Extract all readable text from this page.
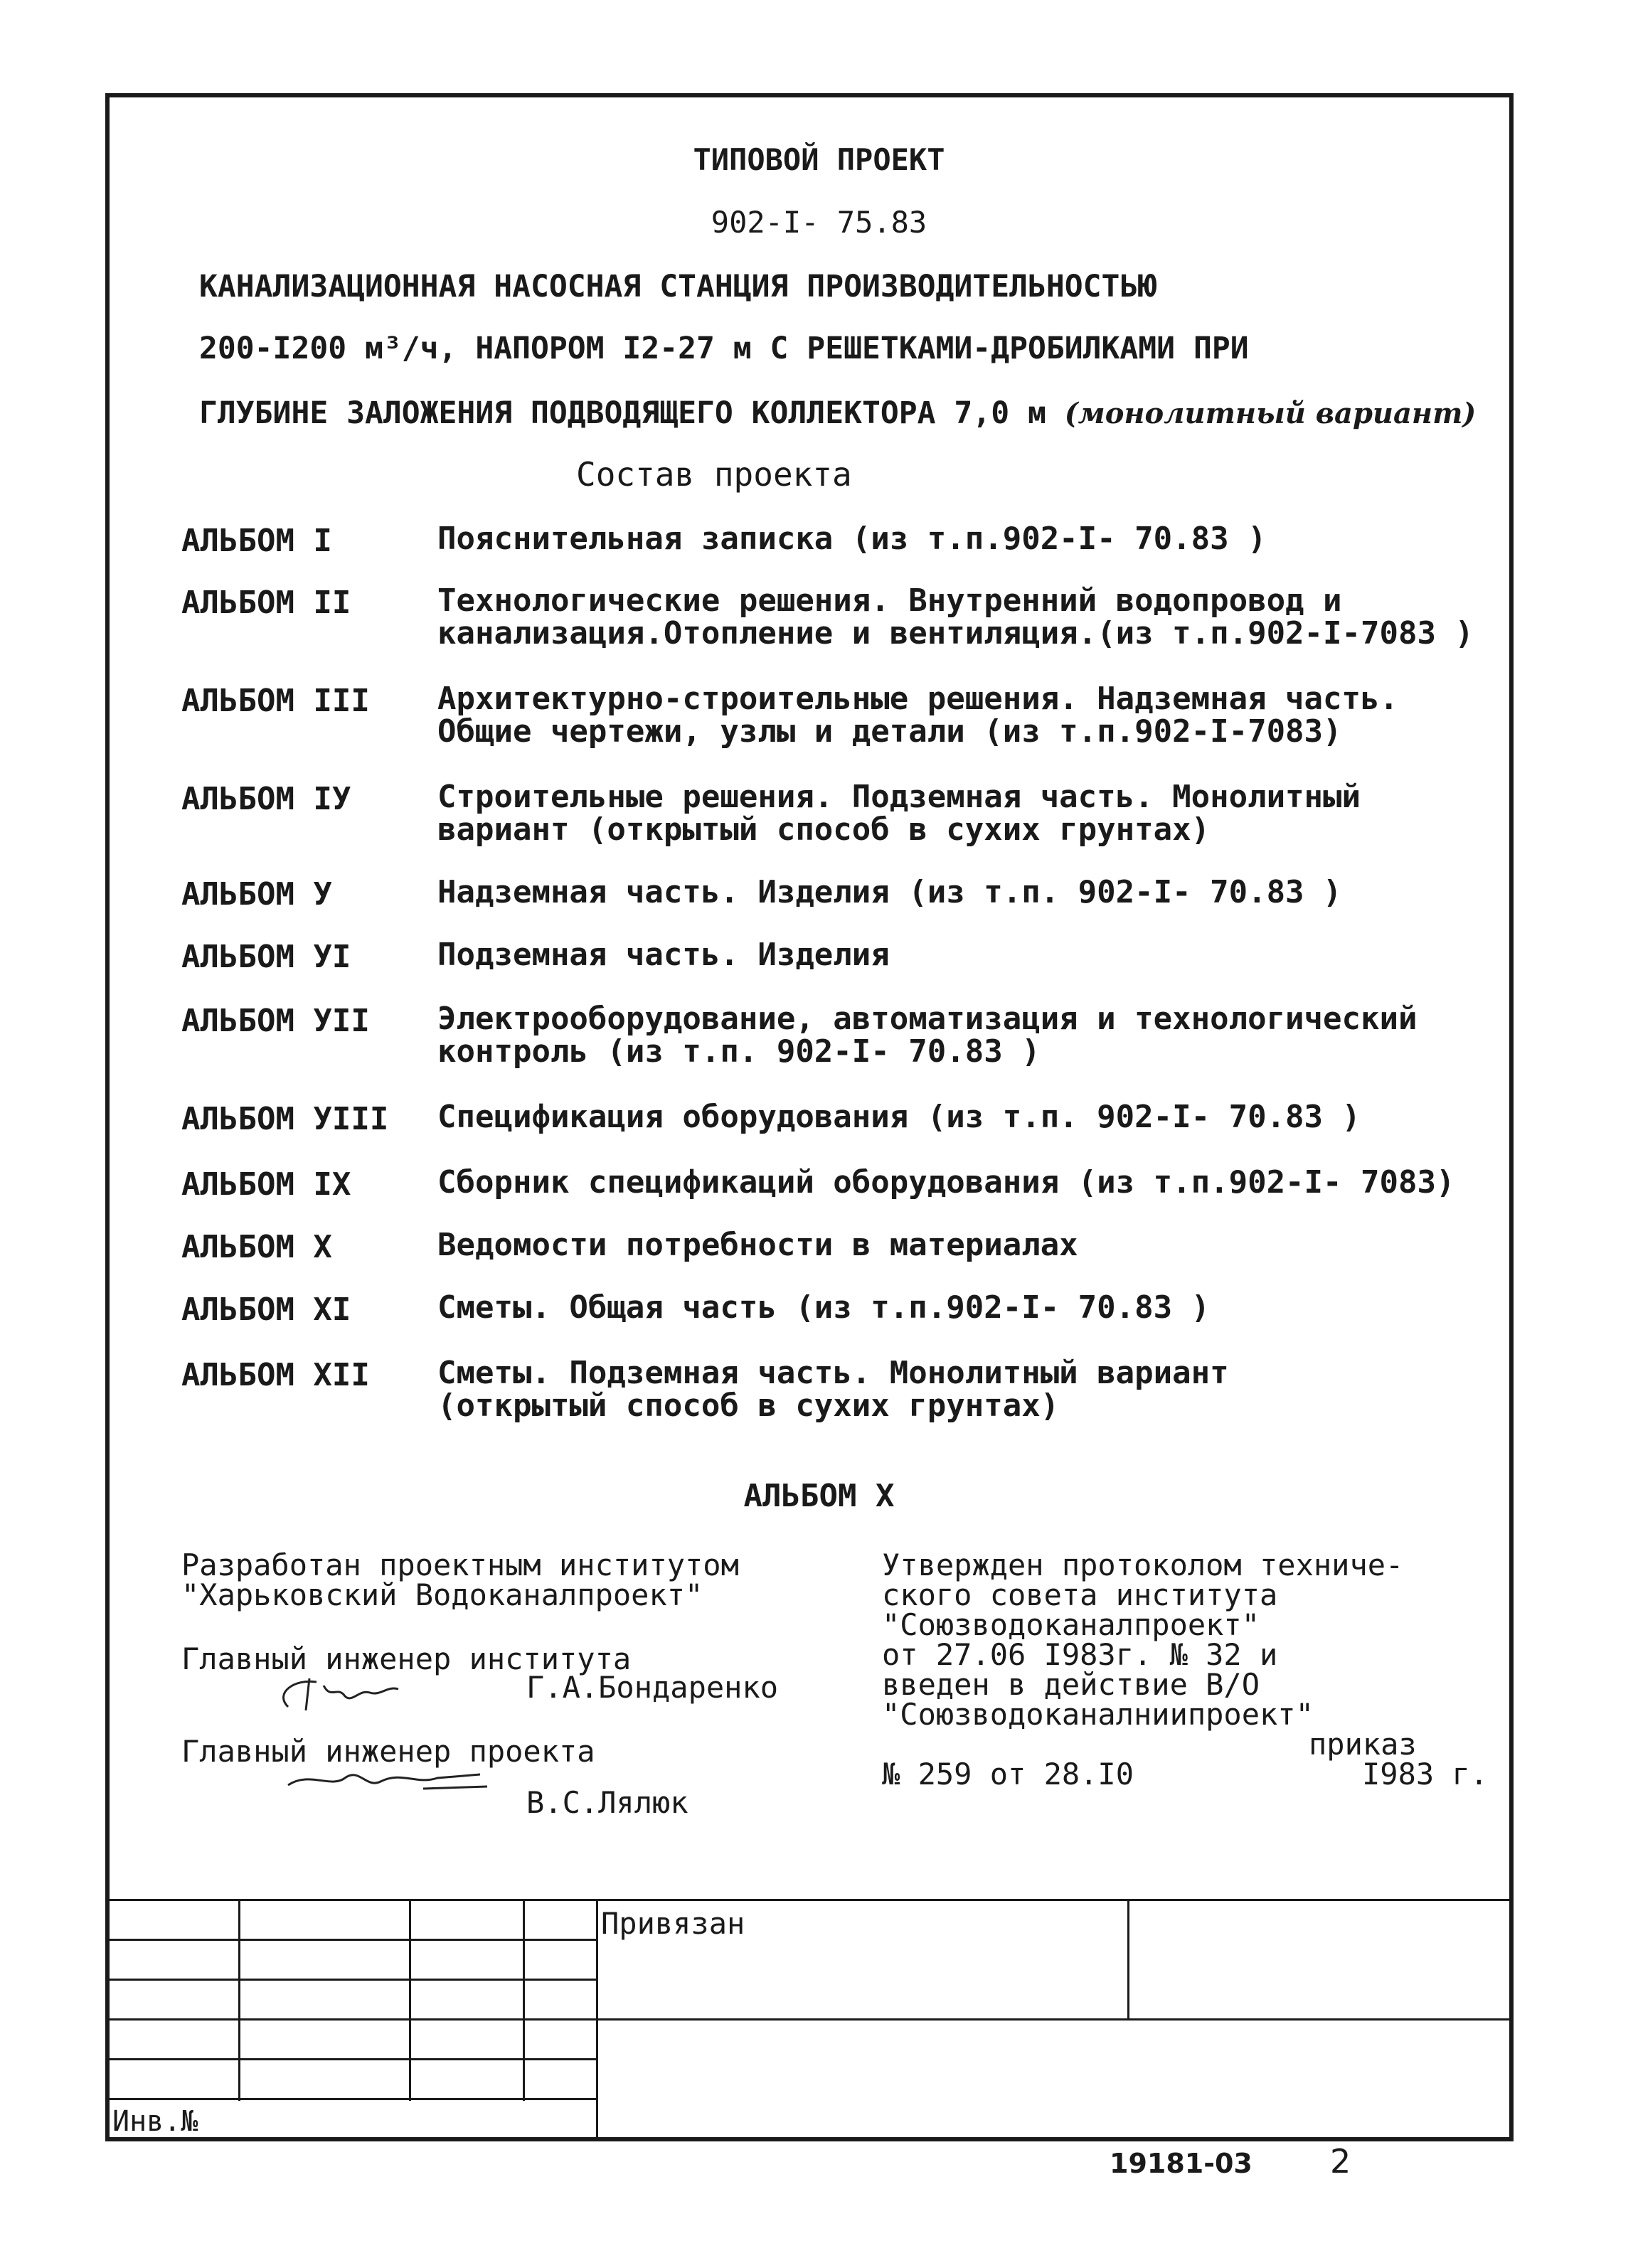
ТИПОВОЙ ПРОЕКТ
902-I- 75.83
КАНАЛИЗАЦИОННАЯ НАСОСНАЯ СТАНЦИЯ ПРОИЗВОДИТЕЛЬНОСТЬЮ
200-I200 м³/ч, НАПОРОМ I2-27 м С РЕШЕТКАМИ-ДРОБИЛКАМИ ПРИ
ГЛУБИНЕ ЗАЛОЖЕНИЯ ПОДВОДЯЩЕГО КОЛЛЕКТОРА 7,0 м (монолитный вариант)
Состав проекта
АЛЬБОМ I	Пояснительная записка (из т.п.902-I- 70.83 )
АЛЬБОМ II	Технологические решения. Внутренний водопровод и
канализация.Отопление и вентиляция.(из т.п.902-I-7083 )
АЛЬБОМ III Архитектурно-строительные решения. Надземная часть.
Общие чертежи, узлы и детали (из т.п.902-I-7083)
АЛЬБОМ IУ	Строительные решения. Подземная часть. Монолитный
вариант (открытый способ в сухих грунтах)
АЛЬБОМ У	Надземная часть. Изделия (из т.п. 902-I- 70.83 )
АЛЬБОМ УI	Подземная часть. Изделия
АЛЬБОМ УII Электрооборудование, автоматизация и технологический
контроль (из т.п. 902-I- 70.83 )
АЛЬБОМ УIII Спецификация оборудования (из т.п. 902-I- 70.83 )
АЛЬБОМ IX	Сборник спецификаций оборудования (из т.п.902-I- 7083)
АЛЬБОМ X	Ведомости потребности в материалах
АЛЬБОМ XI	Сметы. Общая часть (из т.п.902-I- 70.83 )
АЛЬБОМ XII Сметы. Подземная часть. Монолитный вариант
(открытый способ в сухих грунтах)
АЛЬБОМ X
Разработан проектным институтом
"Харьковский Водоканалпроект"
Главный инженер института
Г.А.Бондаренко
Главный инженер проекта
В.С.Лялюк
Утвержден протоколом техниче-
ского совета института
"Союзводоканалпроект"
от 27.06 I983г. № 32 и
введен в действие В/О
"Союзводоканалниипроект"
приказ
№ 259 от 28.I0	I983 г.
Привязан
Инв.№
19181-03 2
